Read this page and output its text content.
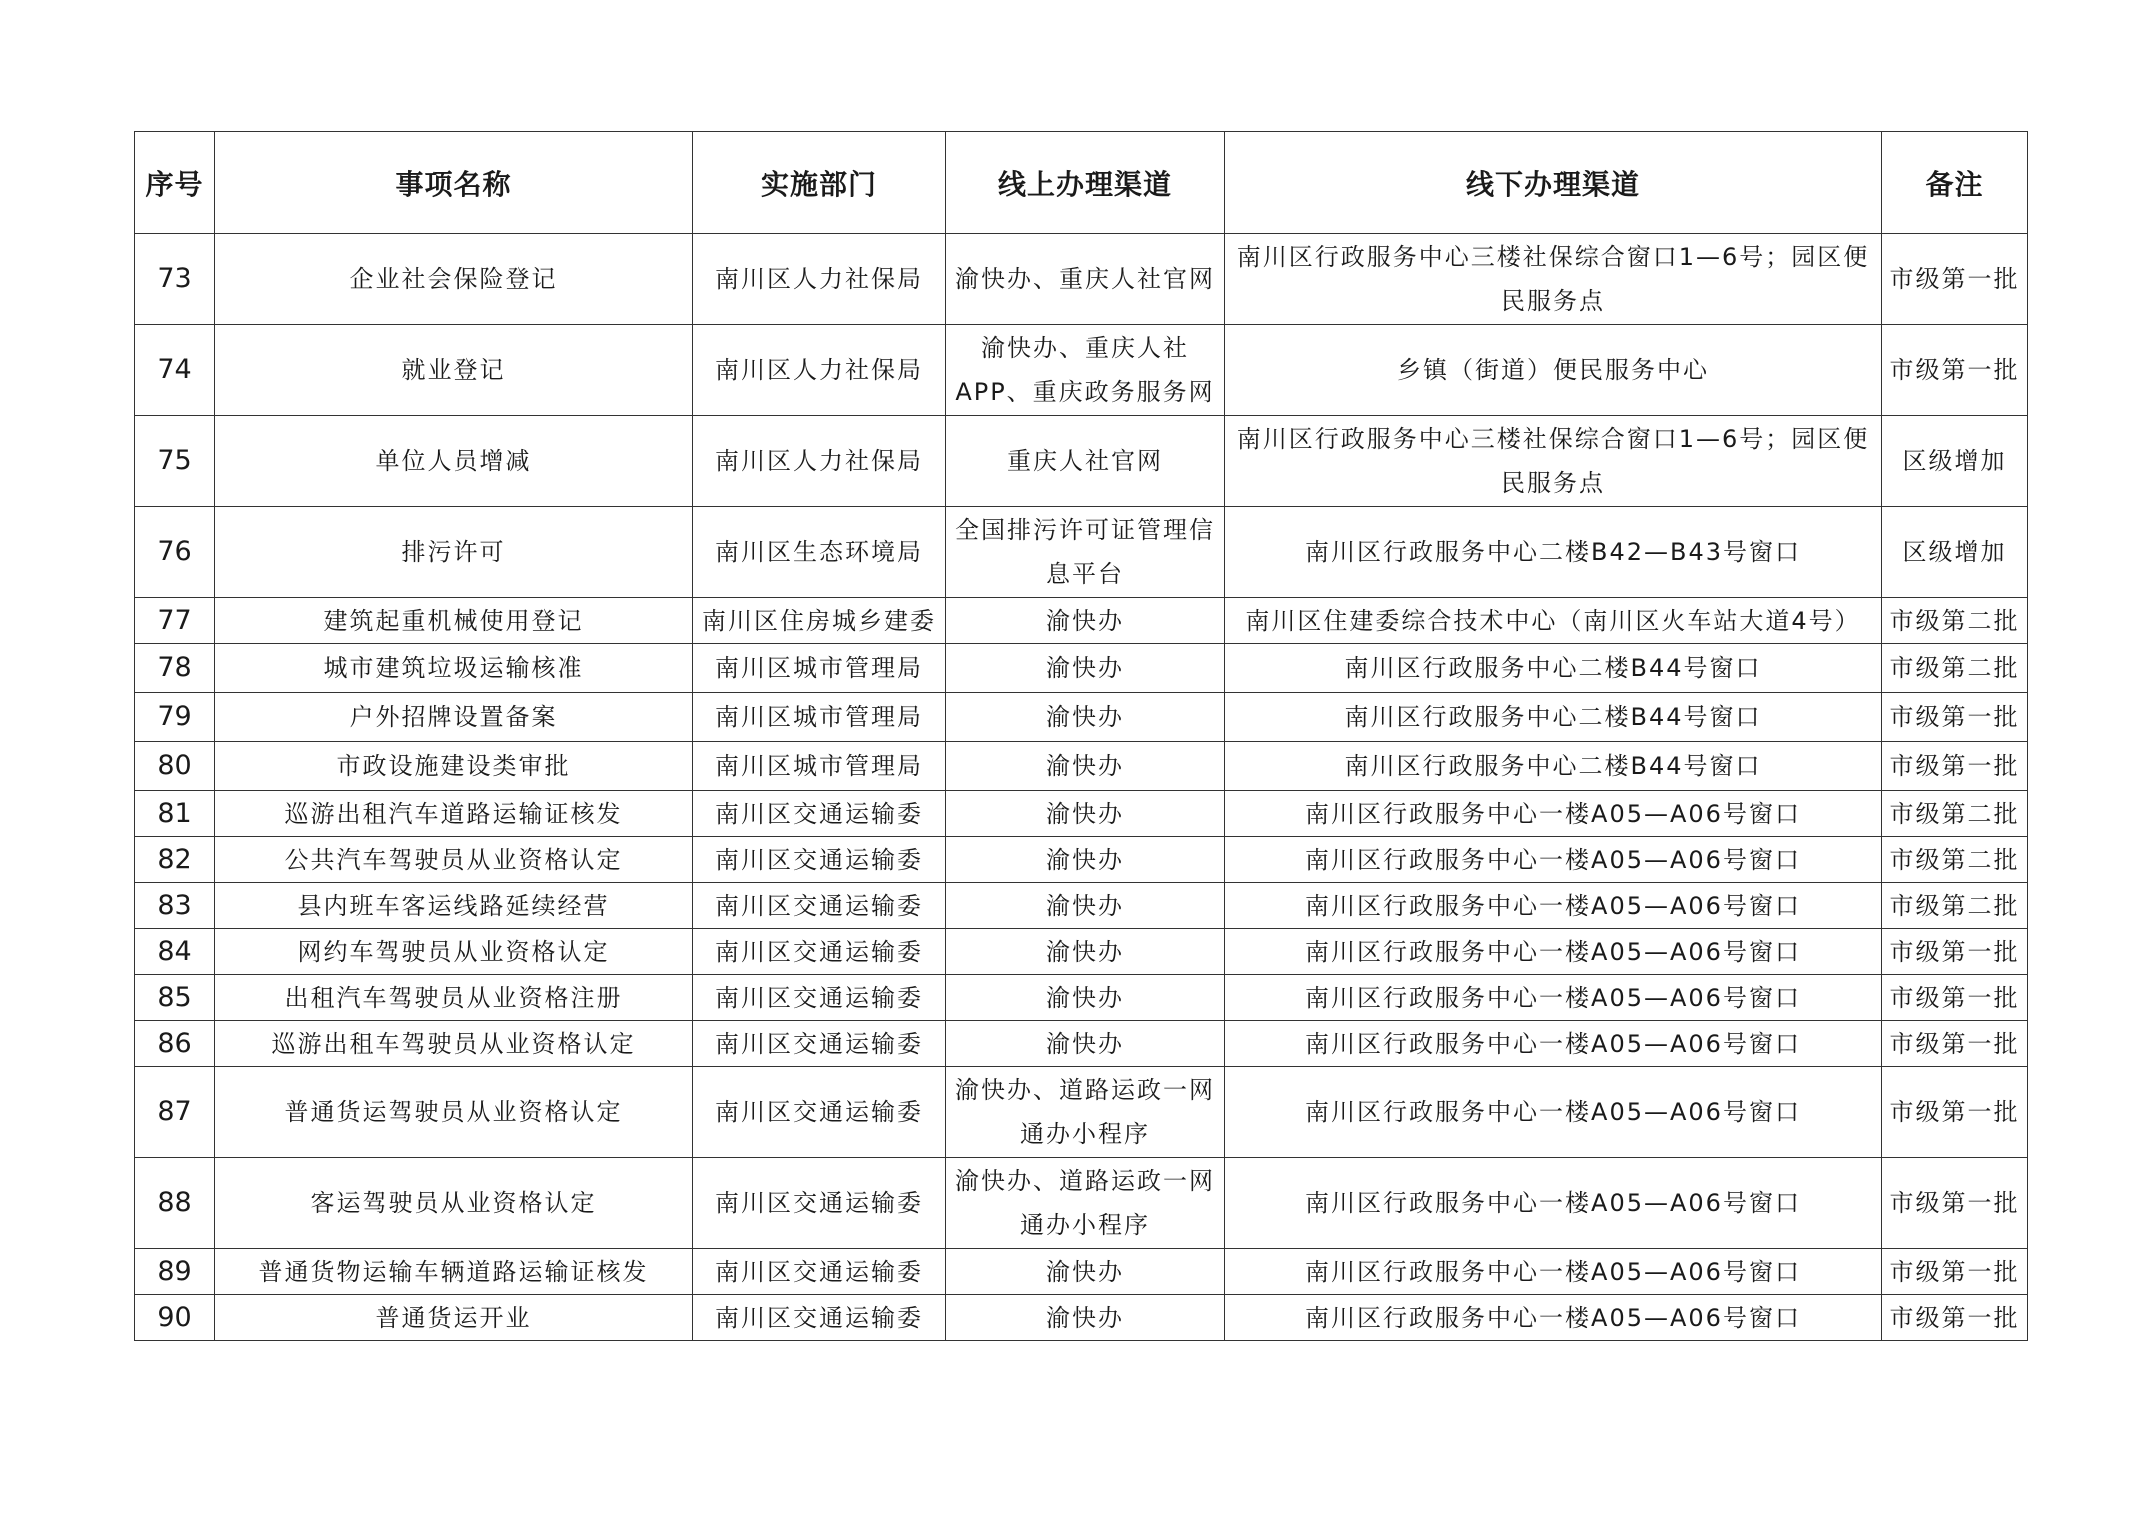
序号	事项名称	实施部门	线上办理渠道	线下办理渠道	备注
73	企业社会保险登记	南川区人力社保局	渝快办、重庆人社官网	南川区行政服务中心三楼社保综合窗口1—6号；园区便民服务点	市级第一批
74	就业登记	南川区人力社保局	渝快办、重庆人社APP、重庆政务服务网	乡镇（街道）便民服务中心	市级第一批
75	单位人员增减	南川区人力社保局	重庆人社官网	南川区行政服务中心三楼社保综合窗口1—6号；园区便民服务点	区级增加
76	排污许可	南川区生态环境局	全国排污许可证管理信息平台	南川区行政服务中心二楼B42—B43号窗口	区级增加
77	建筑起重机械使用登记	南川区住房城乡建委	渝快办	南川区住建委综合技术中心（南川区火车站大道4号）	市级第二批
78	城市建筑垃圾运输核准	南川区城市管理局	渝快办	南川区行政服务中心二楼B44号窗口	市级第二批
79	户外招牌设置备案	南川区城市管理局	渝快办	南川区行政服务中心二楼B44号窗口	市级第一批
80	市政设施建设类审批	南川区城市管理局	渝快办	南川区行政服务中心二楼B44号窗口	市级第一批
81	巡游出租汽车道路运输证核发	南川区交通运输委	渝快办	南川区行政服务中心一楼A05—A06号窗口	市级第二批
82	公共汽车驾驶员从业资格认定	南川区交通运输委	渝快办	南川区行政服务中心一楼A05—A06号窗口	市级第二批
83	县内班车客运线路延续经营	南川区交通运输委	渝快办	南川区行政服务中心一楼A05—A06号窗口	市级第二批
84	网约车驾驶员从业资格认定	南川区交通运输委	渝快办	南川区行政服务中心一楼A05—A06号窗口	市级第一批
85	出租汽车驾驶员从业资格注册	南川区交通运输委	渝快办	南川区行政服务中心一楼A05—A06号窗口	市级第一批
86	巡游出租车驾驶员从业资格认定	南川区交通运输委	渝快办	南川区行政服务中心一楼A05—A06号窗口	市级第一批
87	普通货运驾驶员从业资格认定	南川区交通运输委	渝快办、道路运政一网通办小程序	南川区行政服务中心一楼A05—A06号窗口	市级第一批
88	客运驾驶员从业资格认定	南川区交通运输委	渝快办、道路运政一网通办小程序	南川区行政服务中心一楼A05—A06号窗口	市级第一批
89	普通货物运输车辆道路运输证核发	南川区交通运输委	渝快办	南川区行政服务中心一楼A05—A06号窗口	市级第一批
90	普通货运开业	南川区交通运输委	渝快办	南川区行政服务中心一楼A05—A06号窗口	市级第一批
